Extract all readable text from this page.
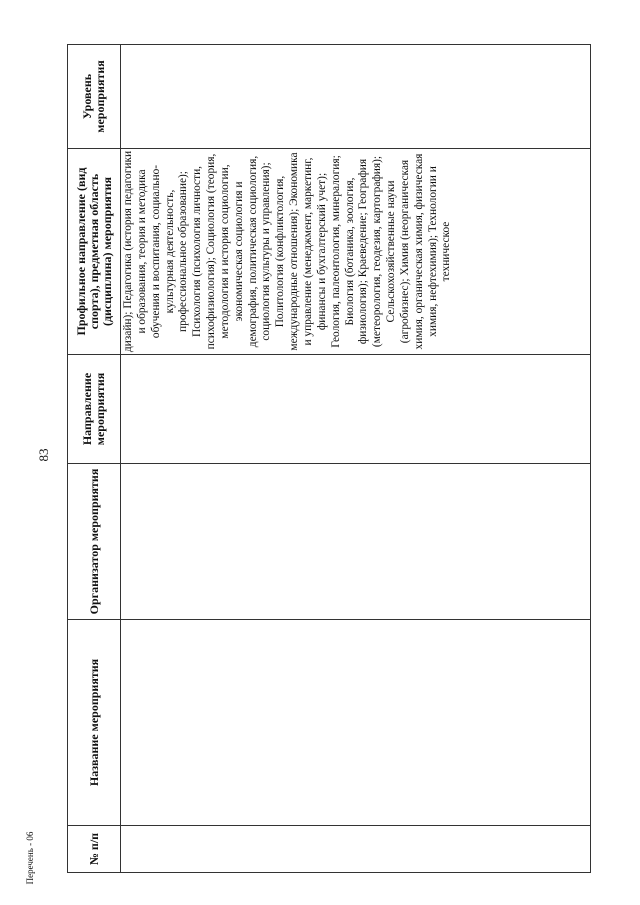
83
№ п/п	Название мероприятия	Организатор мероприятия	Направление мероприятия	Профильное направление (вид спорта), предметная область (дисциплина) мероприятия	Уровень мероприятия

				дизайн); Педагогика (история педагогики и образования, теория и методика обучения и воспитания, социально-культурная деятельность, профессиональное образование); Психология (психология личности, психофизиология); Социология (теория, методология и история социологии, экономическая социология и демография, политическая социология, социология культуры и управления); Политология (конфликтология, международные отношения); Экономика и управление (менеджмент, маркетинг, финансы и бухгалтерский учет); Геология, палеонтология, минералогия; Биология (ботаника, зоология, физиология); Краеведение; География (метеорология, геодезия, картография); Сельскохозяйственные науки (агробизнес); Химия (неорганическая химия, органическая химия, физическая химия, нефтехимия); Технологии и техническое	

Перечень - 06
